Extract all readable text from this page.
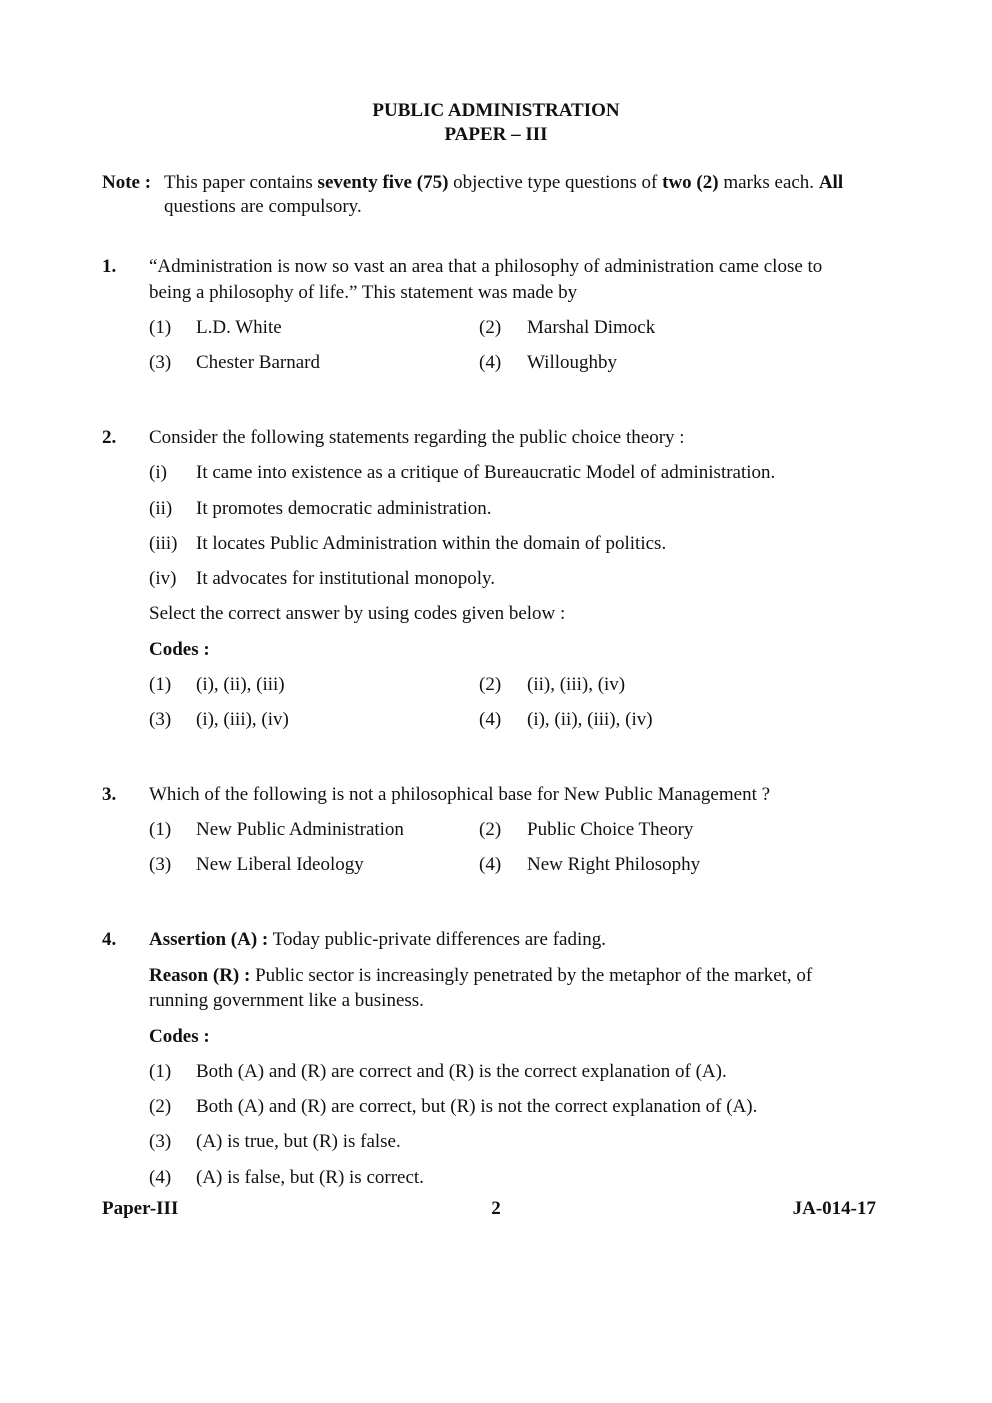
PUBLIC ADMINISTRATION
PAPER – III
Note : This paper contains seventy five (75) objective type questions of two (2) marks each. All
questions are compulsory.
1. “Administration is now so vast an area that a philosophy of administration came close to
being a philosophy of life.” This statement was made by
(1) L.D. White	(2) Marshal Dimock
(3) Chester Barnard	(4) Willoughby
2. Consider the following statements regarding the public choice theory :
(i) It came into existence as a critique of Bureaucratic Model of administration.
(ii) It promotes democratic administration.
(iii) It locates Public Administration within the domain of politics.
(iv) It advocates for institutional monopoly.
Select the correct answer by using codes given below :
Codes :
(1) (i), (ii), (iii)	(2) (ii), (iii), (iv)
(3) (i), (iii), (iv)	(4) (i), (ii), (iii), (iv)
3. Which of the following is not a philosophical base for New Public Management ?
(1) New Public Administration	(2) Public Choice Theory
(3) New Liberal Ideology	(4) New Right Philosophy
4. Assertion (A) : Today public-private differences are fading.
Reason (R) : Public sector is increasingly penetrated by the metaphor of the market, of
running government like a business.
Codes :
(1) Both (A) and (R) are correct and (R) is the correct explanation of (A).
(2) Both (A) and (R) are correct, but (R) is not the correct explanation of (A).
(3) (A) is true, but (R) is false.
(4) (A) is false, but (R) is correct.
Paper-III	2	JA-014-17
